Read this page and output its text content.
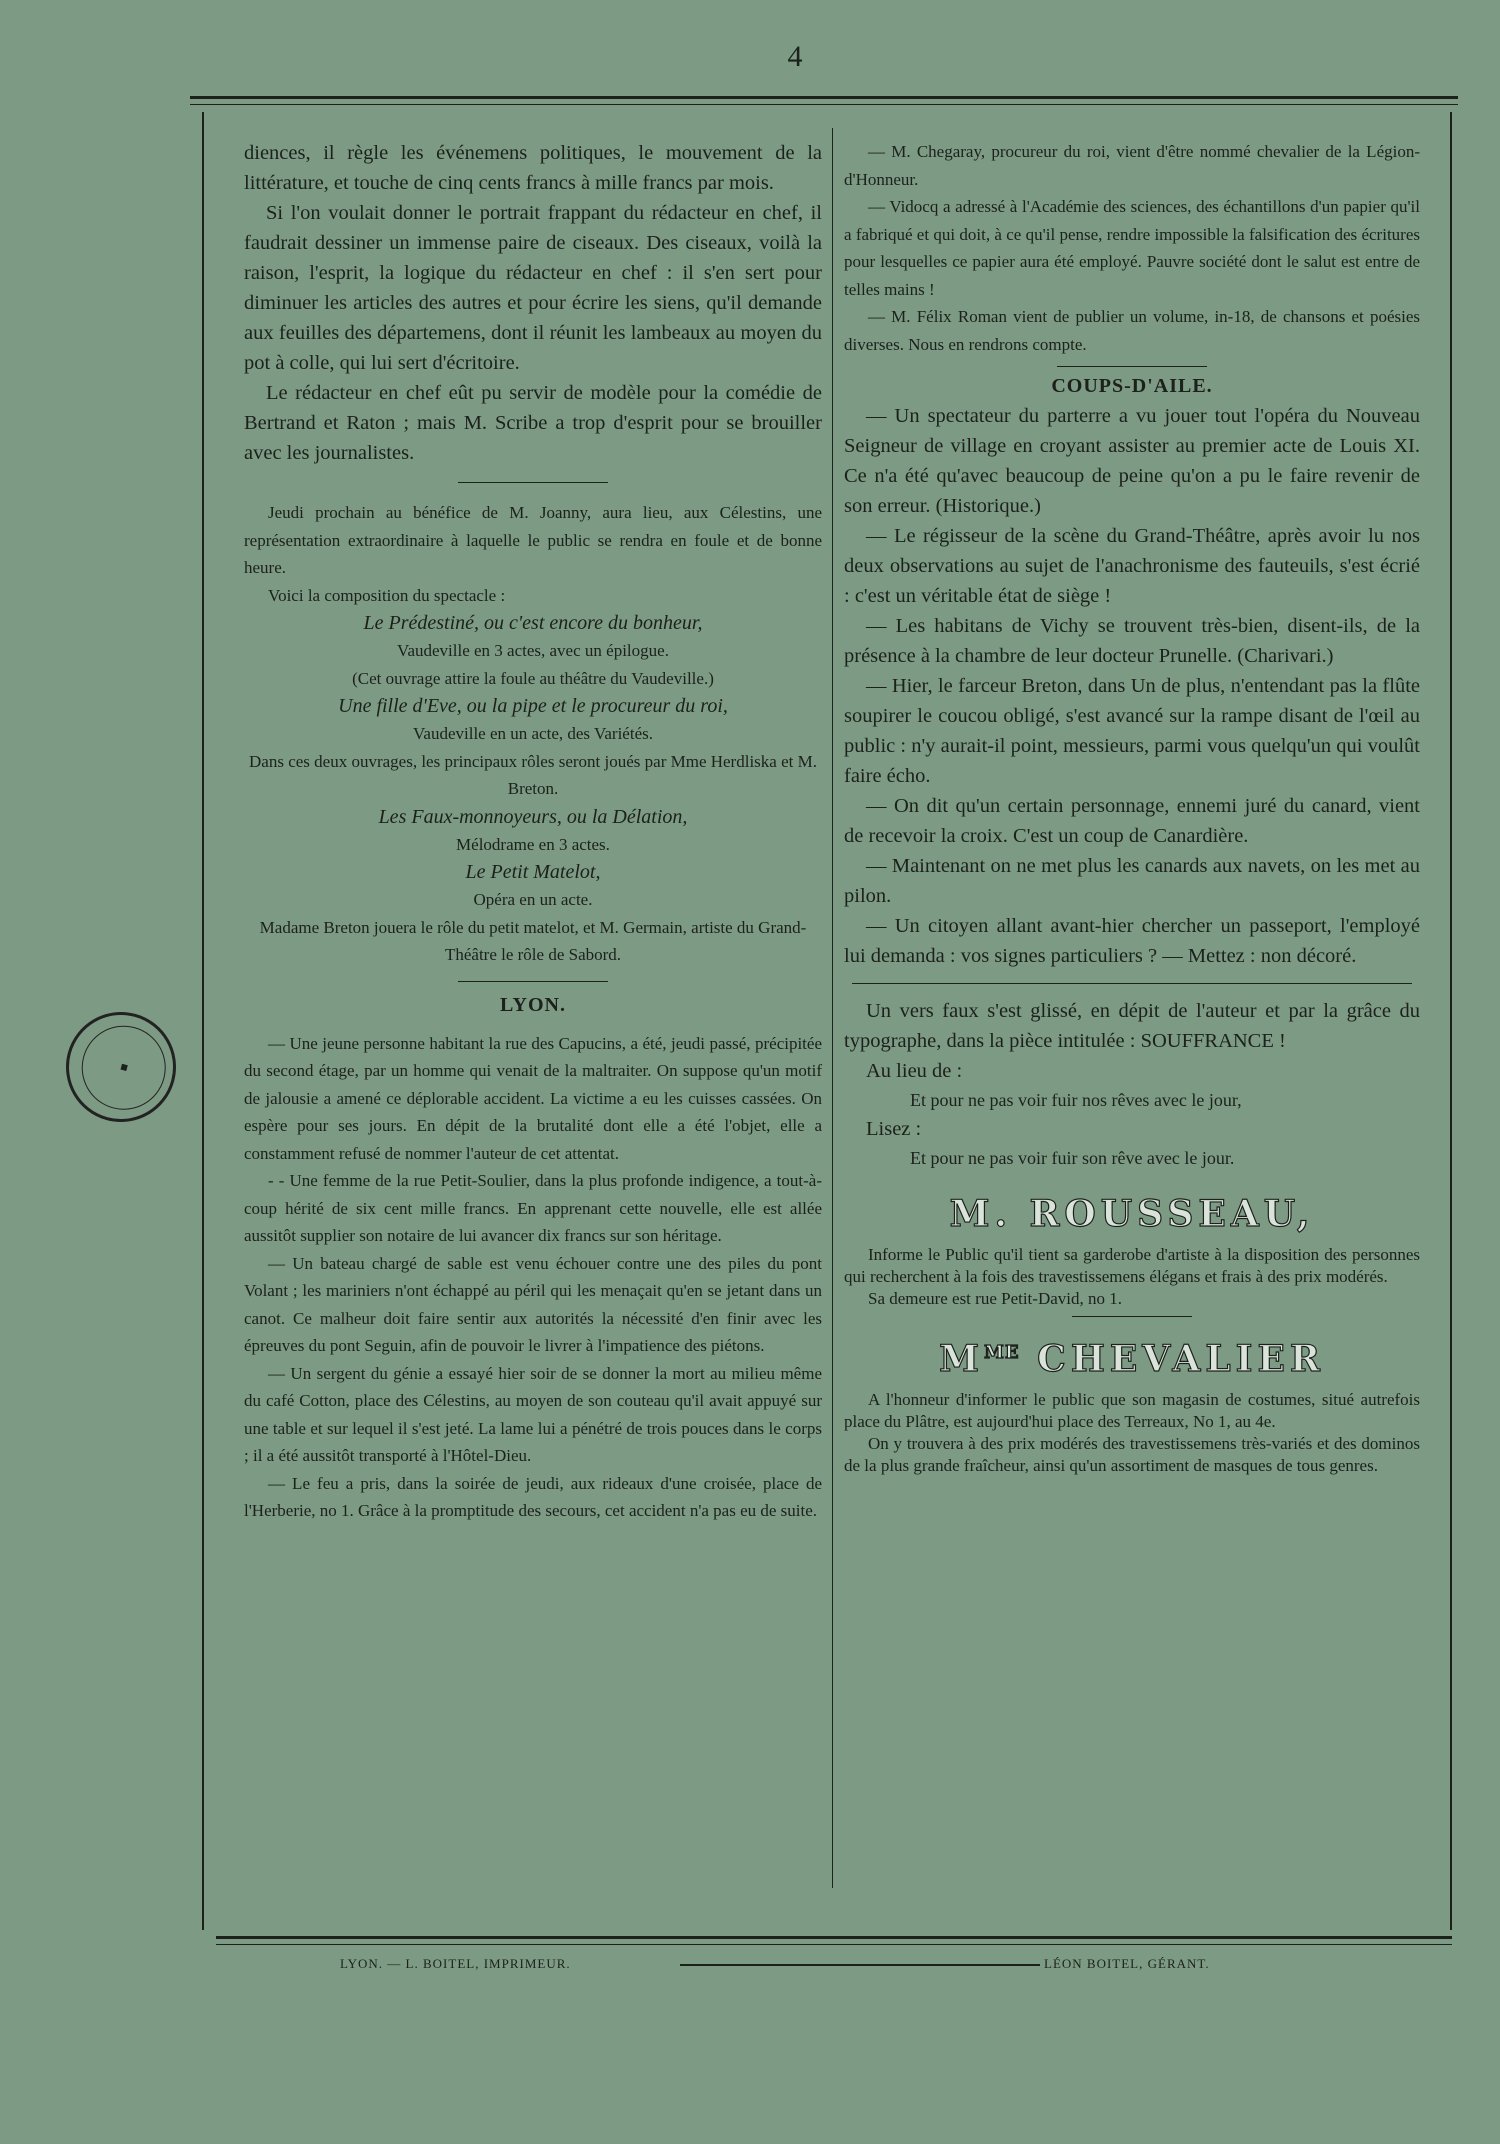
4
◆

diences, il règle les événemens politiques, le mouvement de la littérature, et touche de cinq cents francs à mille francs par mois.

Si l'on voulait donner le portrait frappant du rédacteur en chef, il faudrait dessiner un immense paire de ciseaux. Des ciseaux, voilà la raison, l'esprit, la logique du rédacteur en chef : il s'en sert pour diminuer les articles des autres et pour écrire les siens, qu'il demande aux feuilles des départemens, dont il réunit les lambeaux au moyen du pot à colle, qui lui sert d'écritoire.

Le rédacteur en chef eût pu servir de modèle pour la comédie de Bertrand et Raton ; mais M. Scribe a trop d'esprit pour se brouiller avec les journalistes.

Jeudi prochain au bénéfice de M. Joanny, aura lieu, aux Célestins, une représentation extraordinaire à laquelle le public se rendra en foule et de bonne heure.

Voici la composition du spectacle :

Le Prédestiné, ou c'est encore du bonheur,

Vaudeville en 3 actes, avec un épilogue.

(Cet ouvrage attire la foule au théâtre du Vaudeville.)

Une fille d'Eve, ou la pipe et le procureur du roi,

Vaudeville en un acte, des Variétés.

Dans ces deux ouvrages, les principaux rôles seront joués par Mme Herdliska et M. Breton.

Les Faux-monnoyeurs, ou la Délation,

Mélodrame en 3 actes.

Le Petit Matelot,

Opéra en un acte.

Madame Breton jouera le rôle du petit matelot, et M. Germain, artiste du Grand-Théâtre le rôle de Sabord.

LYON.

— Une jeune personne habitant la rue des Capucins, a été, jeudi passé, précipitée du second étage, par un homme qui venait de la maltraiter. On suppose qu'un motif de jalousie a amené ce déplorable accident. La victime a eu les cuisses cassées. On espère pour ses jours. En dépit de la brutalité dont elle a été l'objet, elle a constamment refusé de nommer l'auteur de cet attentat.

- - Une femme de la rue Petit-Soulier, dans la plus profonde indigence, a tout-à-coup hérité de six cent mille francs. En apprenant cette nouvelle, elle est allée aussitôt supplier son notaire de lui avancer dix francs sur son héritage.

— Un bateau chargé de sable est venu échouer contre une des piles du pont Volant ; les mariniers n'ont échappé au péril qui les menaçait qu'en se jetant dans un canot. Ce malheur doit faire sentir aux autorités la nécessité d'en finir avec les épreuves du pont Seguin, afin de pouvoir le livrer à l'impatience des piétons.

— Un sergent du génie a essayé hier soir de se donner la mort au milieu même du café Cotton, place des Célestins, au moyen de son couteau qu'il avait appuyé sur une table et sur lequel il s'est jeté. La lame lui a pénétré de trois pouces dans le corps ; il a été aussitôt transporté à l'Hôtel-Dieu.

— Le feu a pris, dans la soirée de jeudi, aux rideaux d'une croisée, place de l'Herberie, no 1. Grâce à la promptitude des secours, cet accident n'a pas eu de suite.

— M. Chegaray, procureur du roi, vient d'être nommé chevalier de la Légion-d'Honneur.

— Vidocq a adressé à l'Académie des sciences, des échantillons d'un papier qu'il a fabriqué et qui doit, à ce qu'il pense, rendre impossible la falsification des écritures pour lesquelles ce papier aura été employé. Pauvre société dont le salut est entre de telles mains !

— M. Félix Roman vient de publier un volume, in-18, de chansons et poésies diverses. Nous en rendrons compte.

COUPS-D'AILE.

— Un spectateur du parterre a vu jouer tout l'opéra du Nouveau Seigneur de village en croyant assister au premier acte de Louis XI. Ce n'a été qu'avec beaucoup de peine qu'on a pu le faire revenir de son erreur. (Historique.)

— Le régisseur de la scène du Grand-Théâtre, après avoir lu nos deux observations au sujet de l'anachronisme des fauteuils, s'est écrié : c'est un véritable état de siège !

— Les habitans de Vichy se trouvent très-bien, disent-ils, de la présence à la chambre de leur docteur Prunelle. (Charivari.)

— Hier, le farceur Breton, dans Un de plus, n'entendant pas la flûte soupirer le coucou obligé, s'est avancé sur la rampe disant de l'œil au public : n'y aurait-il point, messieurs, parmi vous quelqu'un qui voulût faire écho.

— On dit qu'un certain personnage, ennemi juré du canard, vient de recevoir la croix. C'est un coup de Canardière.

— Maintenant on ne met plus les canards aux navets, on les met au pilon.

— Un citoyen allant avant-hier chercher un passeport, l'employé lui demanda : vos signes particuliers ? — Mettez : non décoré.

Un vers faux s'est glissé, en dépit de l'auteur et par la grâce du typographe, dans la pièce intitulée : SOUFFRANCE !

Au lieu de :

Et pour ne pas voir fuir nos rêves avec le jour,

Lisez :

Et pour ne pas voir fuir son rêve avec le jour.

M. ROUSSEAU,

Informe le Public qu'il tient sa garderobe d'artiste à la disposition des personnes qui recherchent à la fois des travestissemens élégans et frais à des prix modérés.

Sa demeure est rue Petit-David, no 1.

$M^{ME}$ CHEVALIER

A l'honneur d'informer le public que son magasin de costumes, situé autrefois place du Plâtre, est aujourd'hui place des Terreaux, No 1, au 4e.

On y trouvera à des prix modérés des travestissemens très-variés et des dominos de la plus grande fraîcheur, ainsi qu'un assortiment de masques de tous genres.

LYON. — L. BOITEL, IMPRIMEUR.	LÉON BOITEL, GÉRANT.
